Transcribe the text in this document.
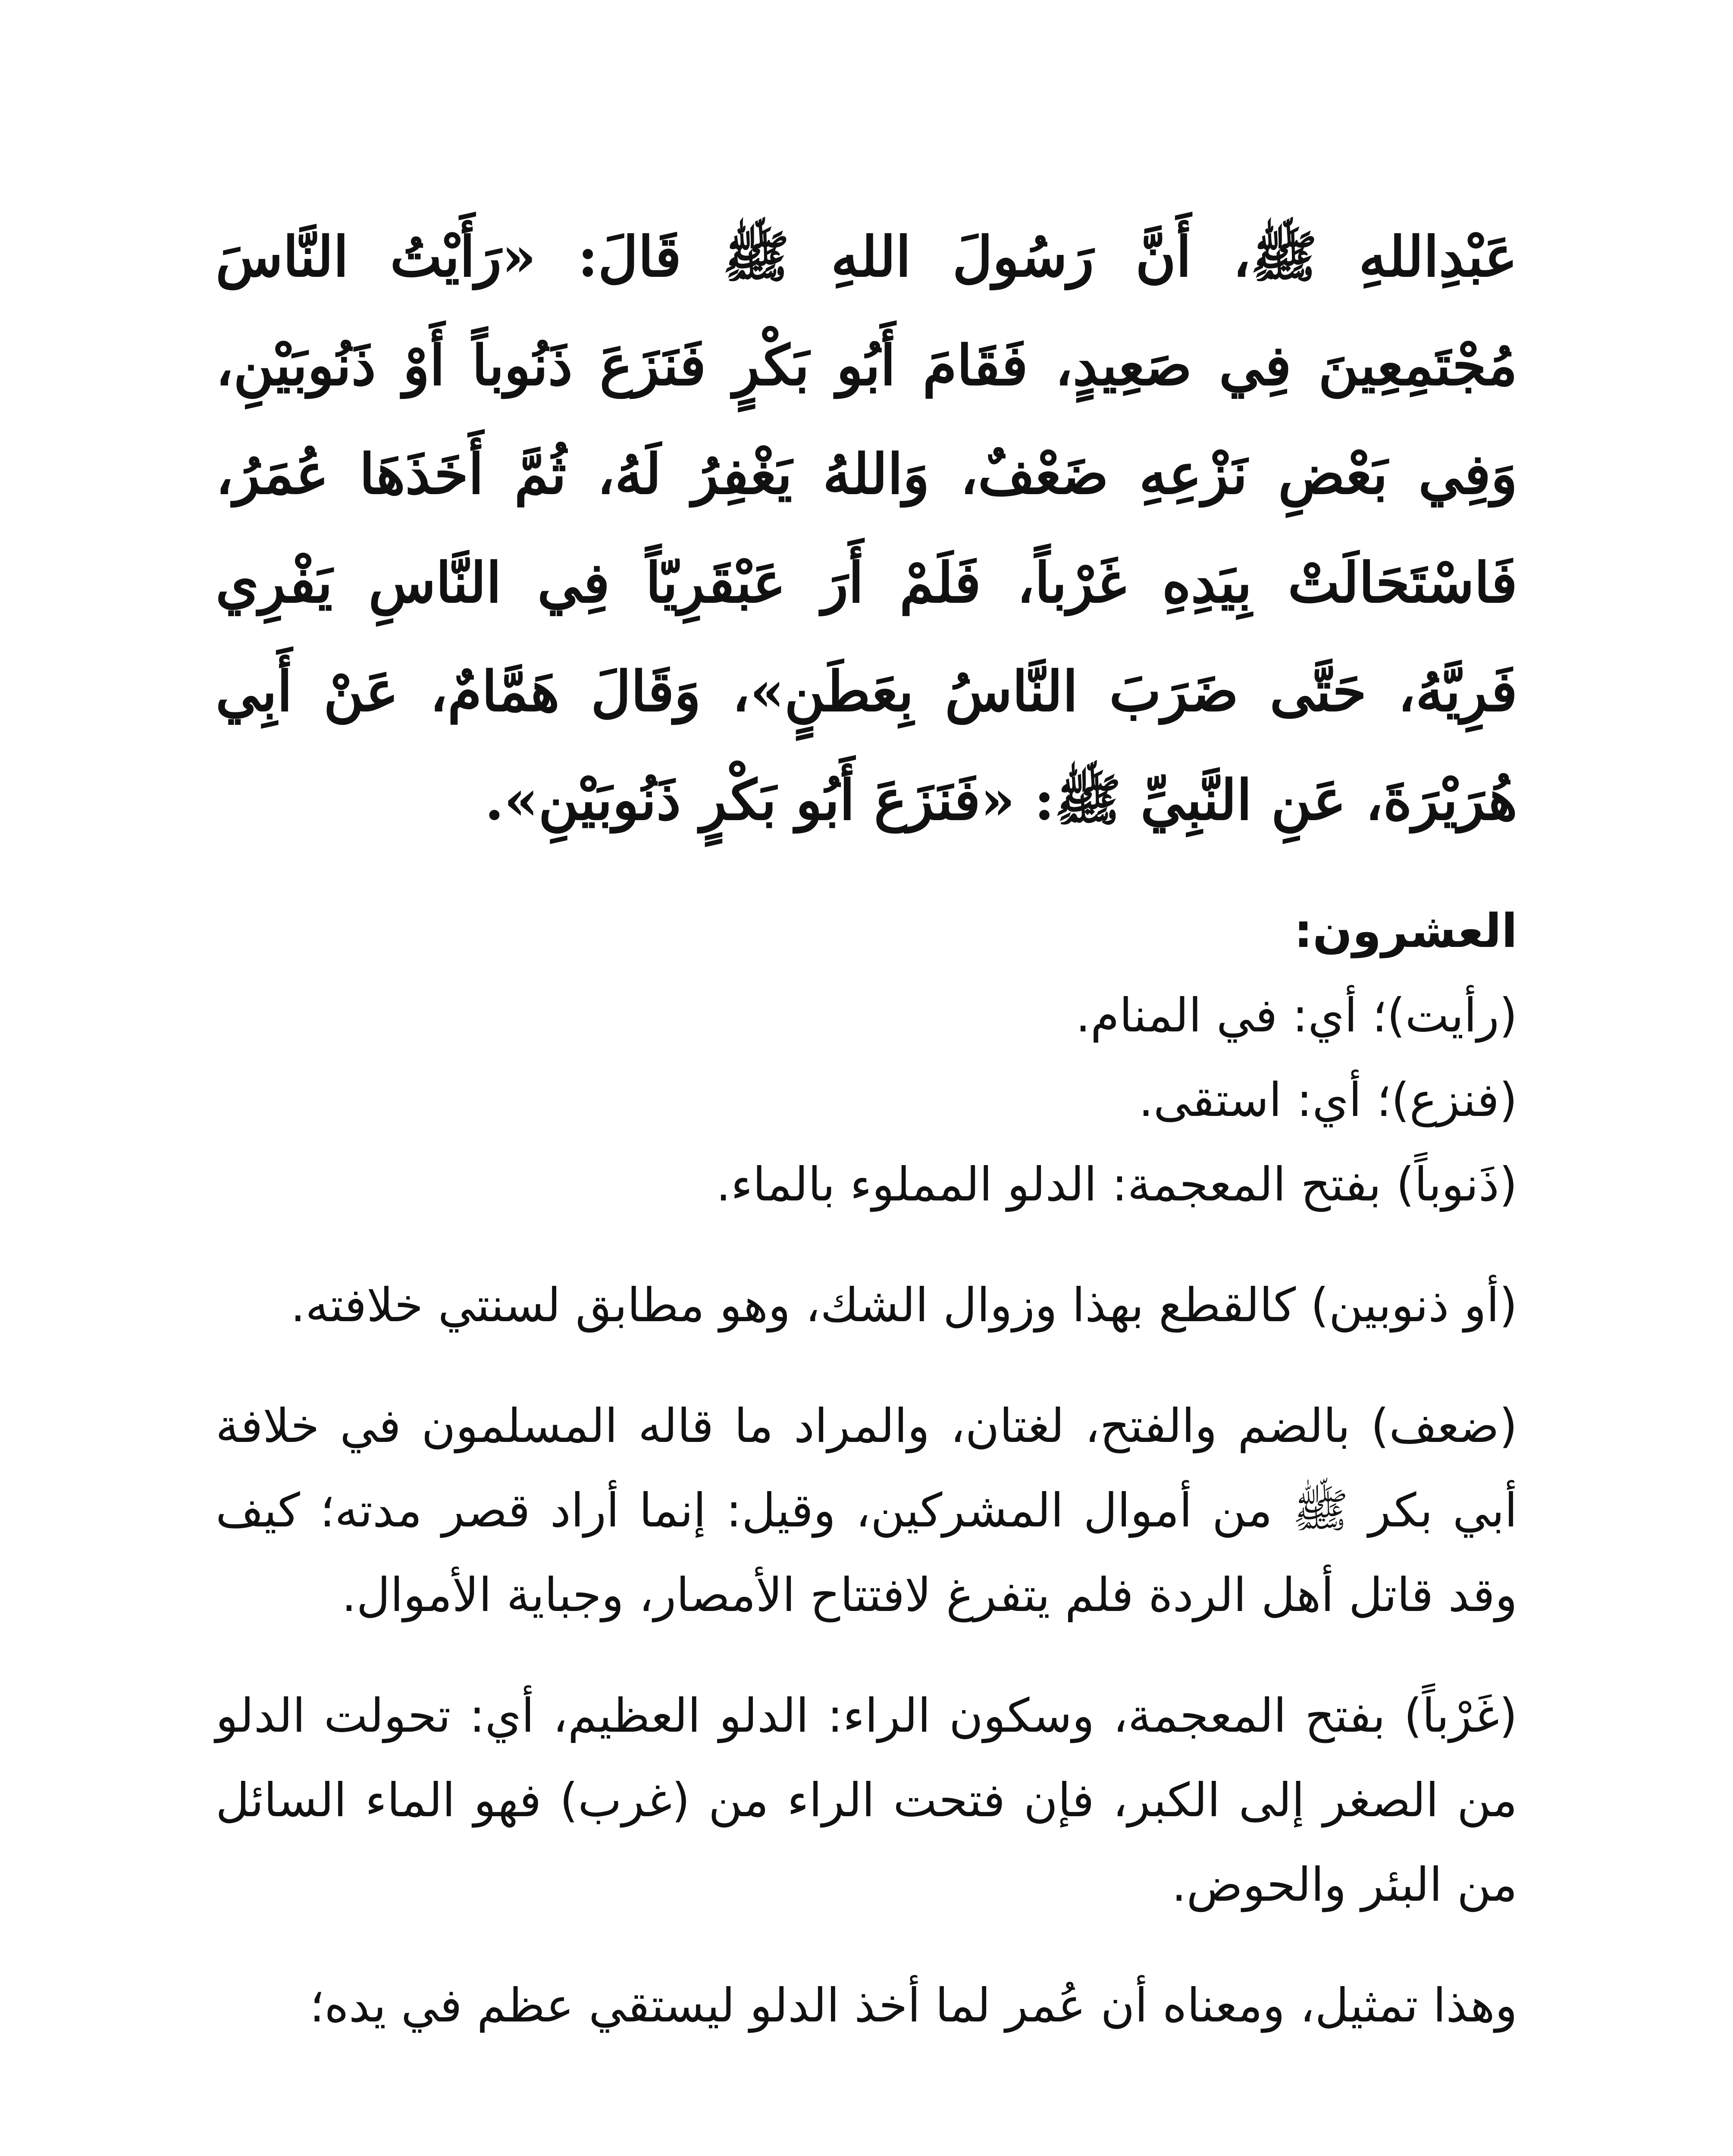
عَبْدِاللهِ ﷺ، أَنَّ رَسُولَ اللهِ ﷺ قَالَ: «رَأَيْتُ النَّاسَ مُجْتَمِعِينَ فِي صَعِيدٍ، فَقَامَ أَبُو بَكْرٍ فَنَزَعَ ذَنُوباً أَوْ ذَنُوبَيْنِ، وَفِي بَعْضِ نَزْعِهِ ضَعْفٌ، وَاللهُ يَغْفِرُ لَهُ، ثُمَّ أَخَذَهَا عُمَرُ، فَاسْتَحَالَتْ بِيَدِهِ غَرْباً، فَلَمْ أَرَ عَبْقَرِيّاً فِي النَّاسِ يَفْرِي فَرِيَّهُ، حَتَّى ضَرَبَ النَّاسُ بِعَطَنٍ»، وَقَالَ هَمَّامٌ، عَنْ أَبِي هُرَيْرَةَ، عَنِ النَّبِيِّ ﷺ: «فَنَزَعَ أَبُو بَكْرٍ ذَنُوبَيْنِ».

العشرون:

(رأيت)؛ أي: في المنام.

(فنزع)؛ أي: استقى.

(ذَنوباً) بفتح المعجمة: الدلو المملوء بالماء.

(أو ذنوبين) كالقطع بهذا وزوال الشك، وهو مطابق لسنتي خلافته.

(ضعف) بالضم والفتح، لغتان، والمراد ما قاله المسلمون في خلافة أبي بكر ﷺ من أموال المشركين، وقيل: إنما أراد قصر مدته؛ كيف وقد قاتل أهل الردة فلم يتفرغ لافتتاح الأمصار، وجباية الأموال.

(غَرْباً) بفتح المعجمة، وسكون الراء: الدلو العظيم، أي: تحولت الدلو من الصغر إلى الكبر، فإن فتحت الراء من (غرب) فهو الماء السائل من البئر والحوض.

وهذا تمثيل، ومعناه أن عُمر لما أخذ الدلو ليستقي عظم في يده؛
